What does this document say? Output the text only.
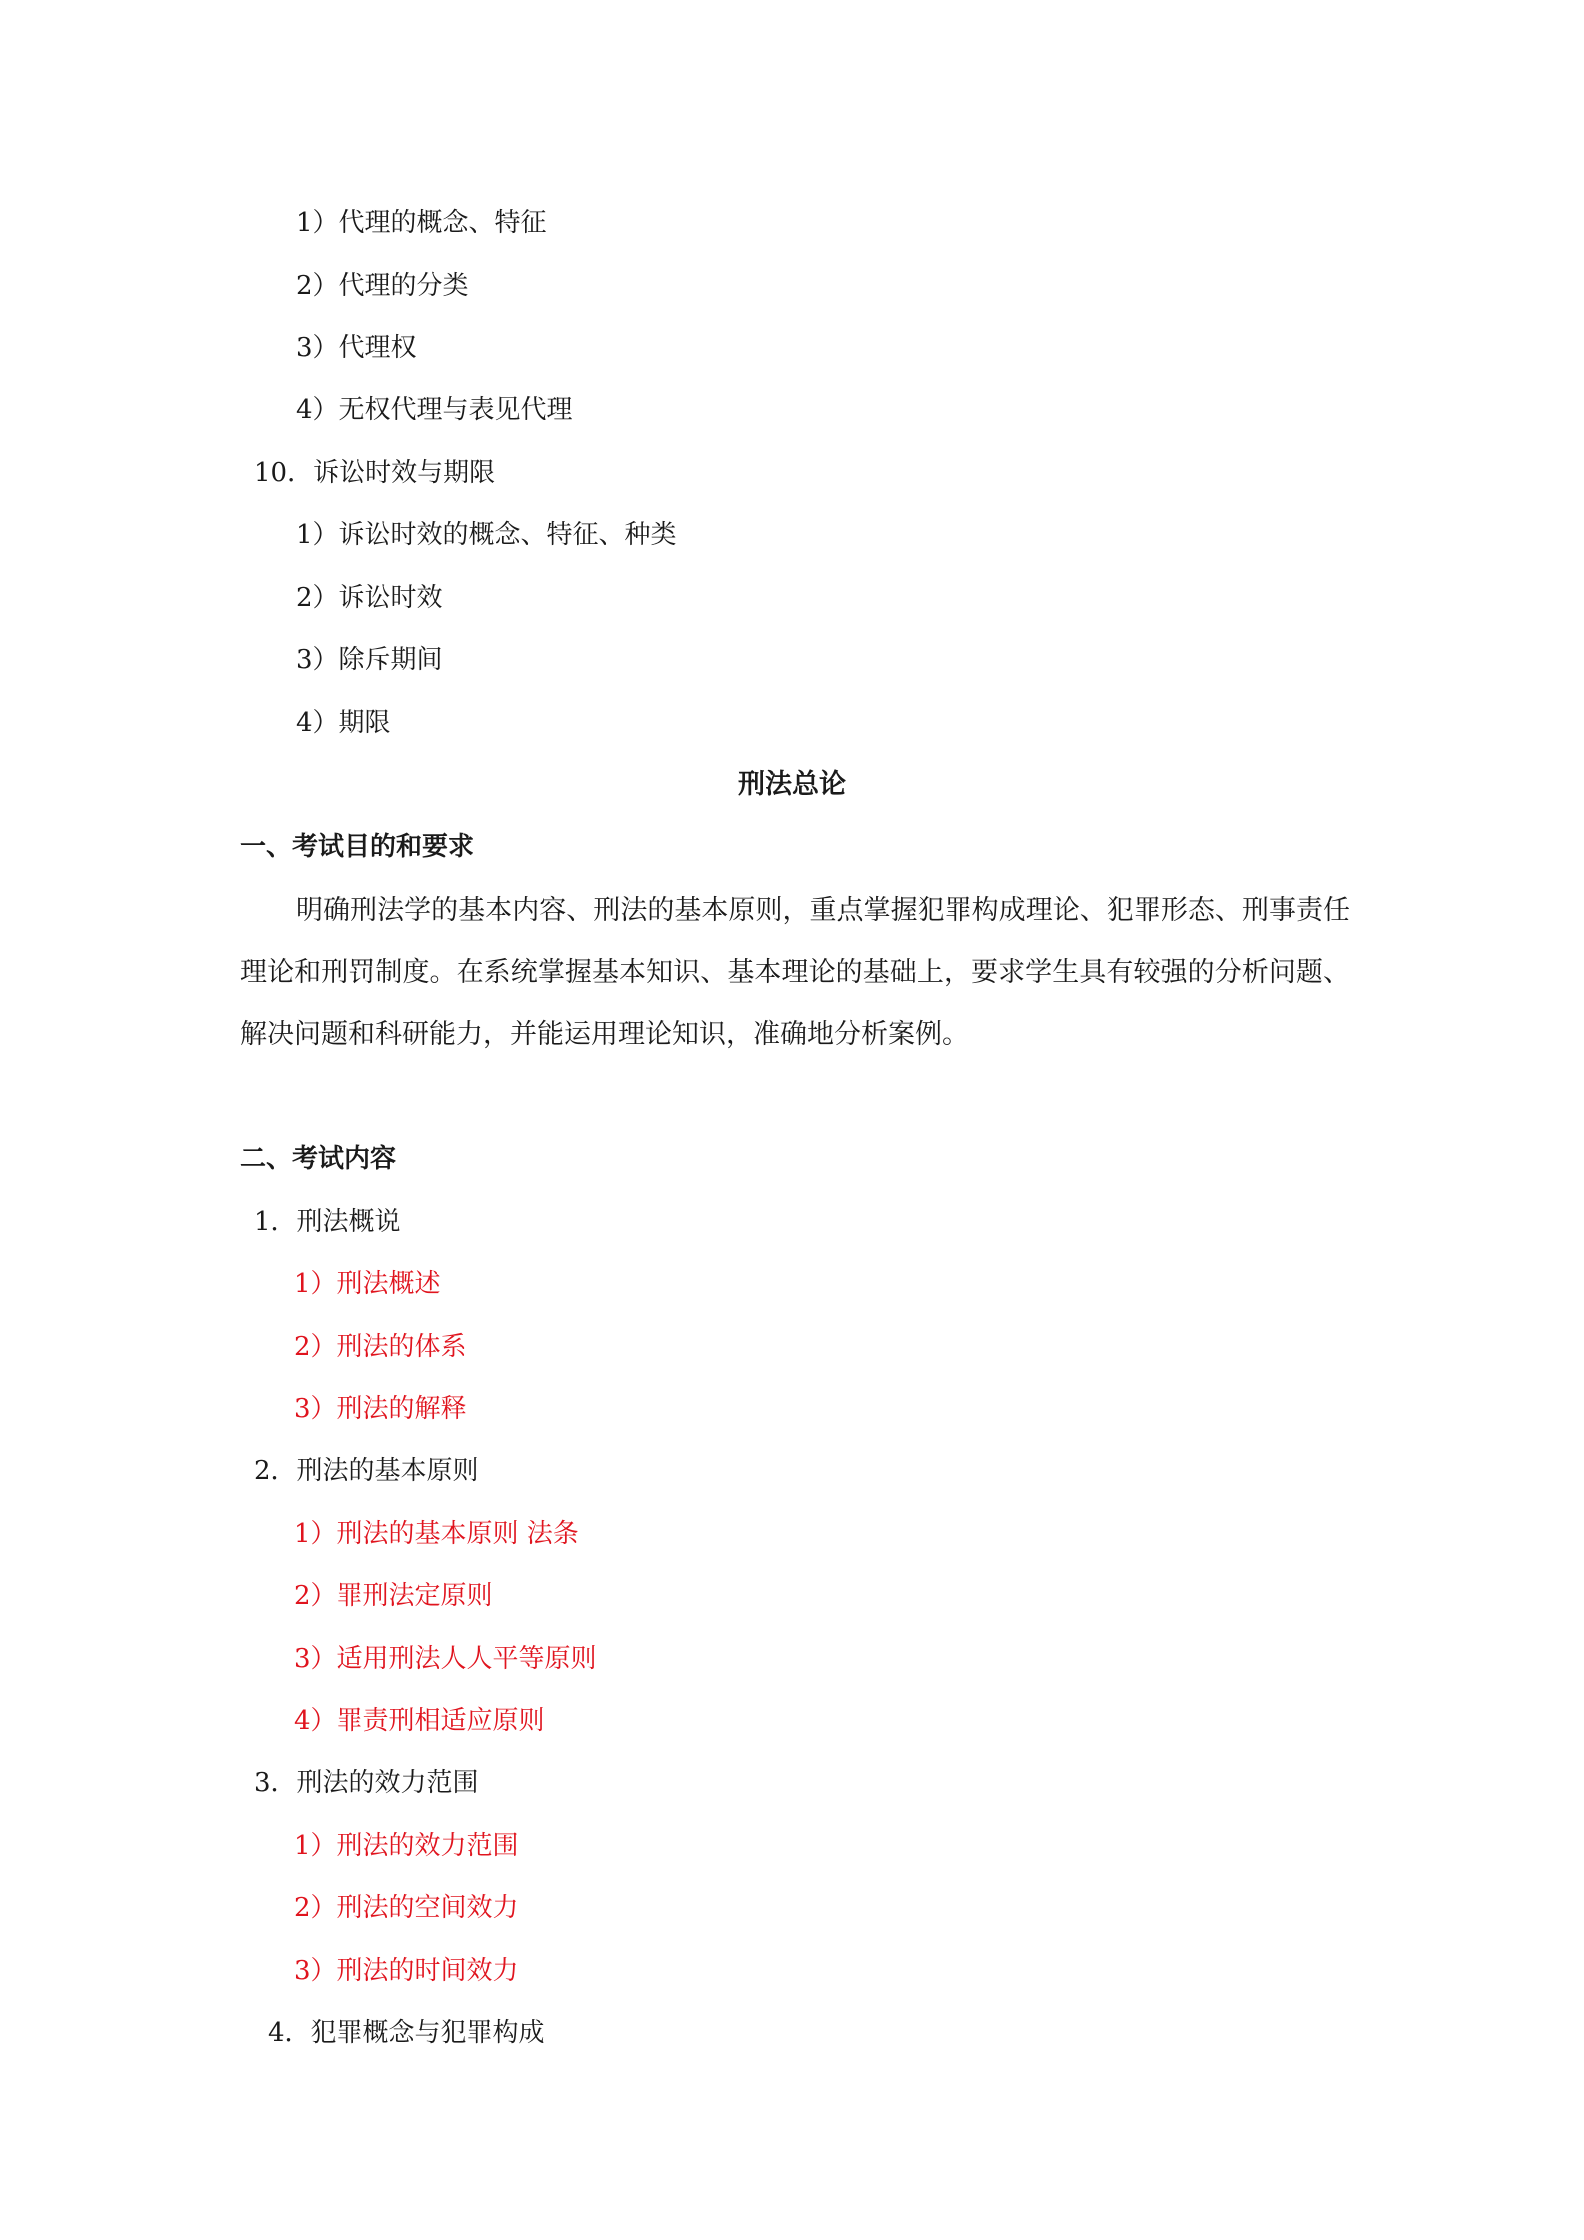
1）代理的概念、特征
2）代理的分类
3）代理权
4）无权代理与表见代理
10．诉讼时效与期限
1）诉讼时效的概念、特征、种类
2）诉讼时效
3）除斥期间
4）期限
刑法总论
一、考试目的和要求
明确刑法学的基本内容、刑法的基本原则，重点掌握犯罪构成理论、犯罪形态、刑事责任理论和刑罚制度。在系统掌握基本知识、基本理论的基础上，要求学生具有较强的分析问题、解决问题和科研能力，并能运用理论知识，准确地分析案例。
二、考试内容
1．刑法概说
1）刑法概述
2）刑法的体系
3）刑法的解释
2．刑法的基本原则
1）刑法的基本原则 法条
2）罪刑法定原则
3）适用刑法人人平等原则
4）罪责刑相适应原则
3．刑法的效力范围
1）刑法的效力范围
2）刑法的空间效力
3）刑法的时间效力
4．犯罪概念与犯罪构成
